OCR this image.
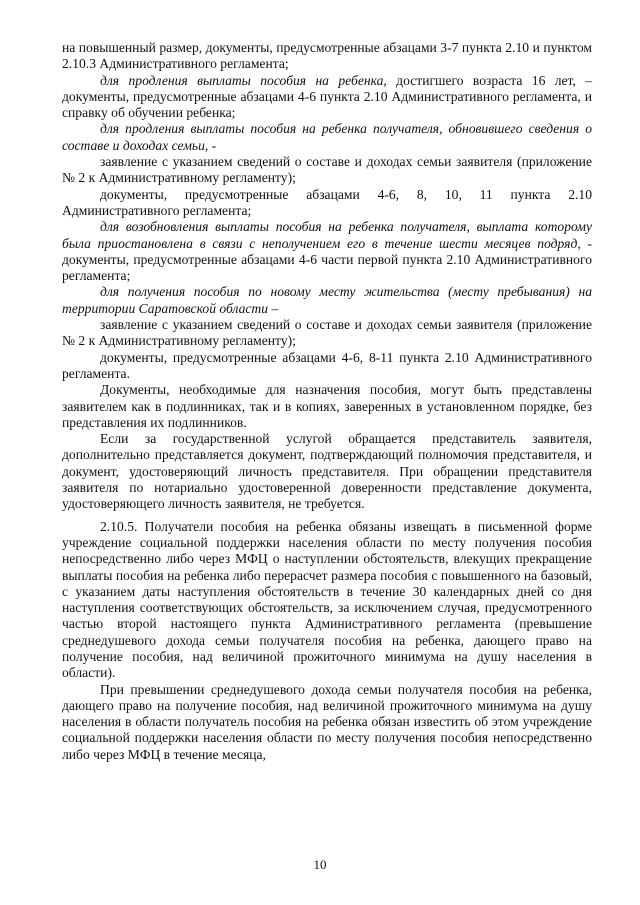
на повышенный размер, документы, предусмотренные абзацами 3-7 пункта 2.10 и пунктом 2.10.3 Административного регламента;

для продления выплаты пособия на ребенка, достигшего возраста 16 лет, – документы, предусмотренные абзацами 4-6 пункта 2.10 Административного регламента, и справку об обучении ребенка;

для продления выплаты пособия на ребенка получателя, обновившего сведения о составе и доходах семьи, -

заявление с указанием сведений о составе и доходах семьи заявителя (приложение № 2 к Административному регламенту);

документы, предусмотренные абзацами 4-6, 8, 10, 11 пункта 2.10 Административного регламента;

для возобновления выплаты пособия на ребенка получателя, выплата которому была приостановлена в связи с неполучением его в течение шести месяцев подряд, - документы, предусмотренные абзацами 4-6 части первой пункта 2.10 Административного регламента;

для получения пособия по новому месту жительства (месту пребывания) на территории Саратовской области –

заявление с указанием сведений о составе и доходах семьи заявителя (приложение № 2 к Административному регламенту);

документы, предусмотренные абзацами 4-6, 8-11 пункта 2.10 Административного регламента.

Документы, необходимые для назначения пособия, могут быть представлены заявителем как в подлинниках, так и в копиях, заверенных в установленном порядке, без представления их подлинников.

Если за государственной услугой обращается представитель заявителя, дополнительно представляется документ, подтверждающий полномочия представителя, и документ, удостоверяющий личность представителя. При обращении представителя заявителя по нотариально удостоверенной доверенности представление документа, удостоверяющего личность заявителя, не требуется.

2.10.5. Получатели пособия на ребенка обязаны извещать в письменной форме учреждение социальной поддержки населения области по месту получения пособия непосредственно либо через МФЦ о наступлении обстоятельств, влекущих прекращение выплаты пособия на ребенка либо перерасчет размера пособия с повышенного на базовый, с указанием даты наступления обстоятельств в течение 30 календарных дней со дня наступления соответствующих обстоятельств, за исключением случая, предусмотренного частью второй настоящего пункта Административного регламента (превышение среднедушевого дохода семьи получателя пособия на ребенка, дающего право на получение пособия, над величиной прожиточного минимума на душу населения в области).

При превышении среднедушевого дохода семьи получателя пособия на ребенка, дающего право на получение пособия, над величиной прожиточного минимума на душу населения в области получатель пособия на ребенка обязан известить об этом учреждение социальной поддержки населения области по месту получения пособия непосредственно либо через МФЦ в течение месяца,

10
